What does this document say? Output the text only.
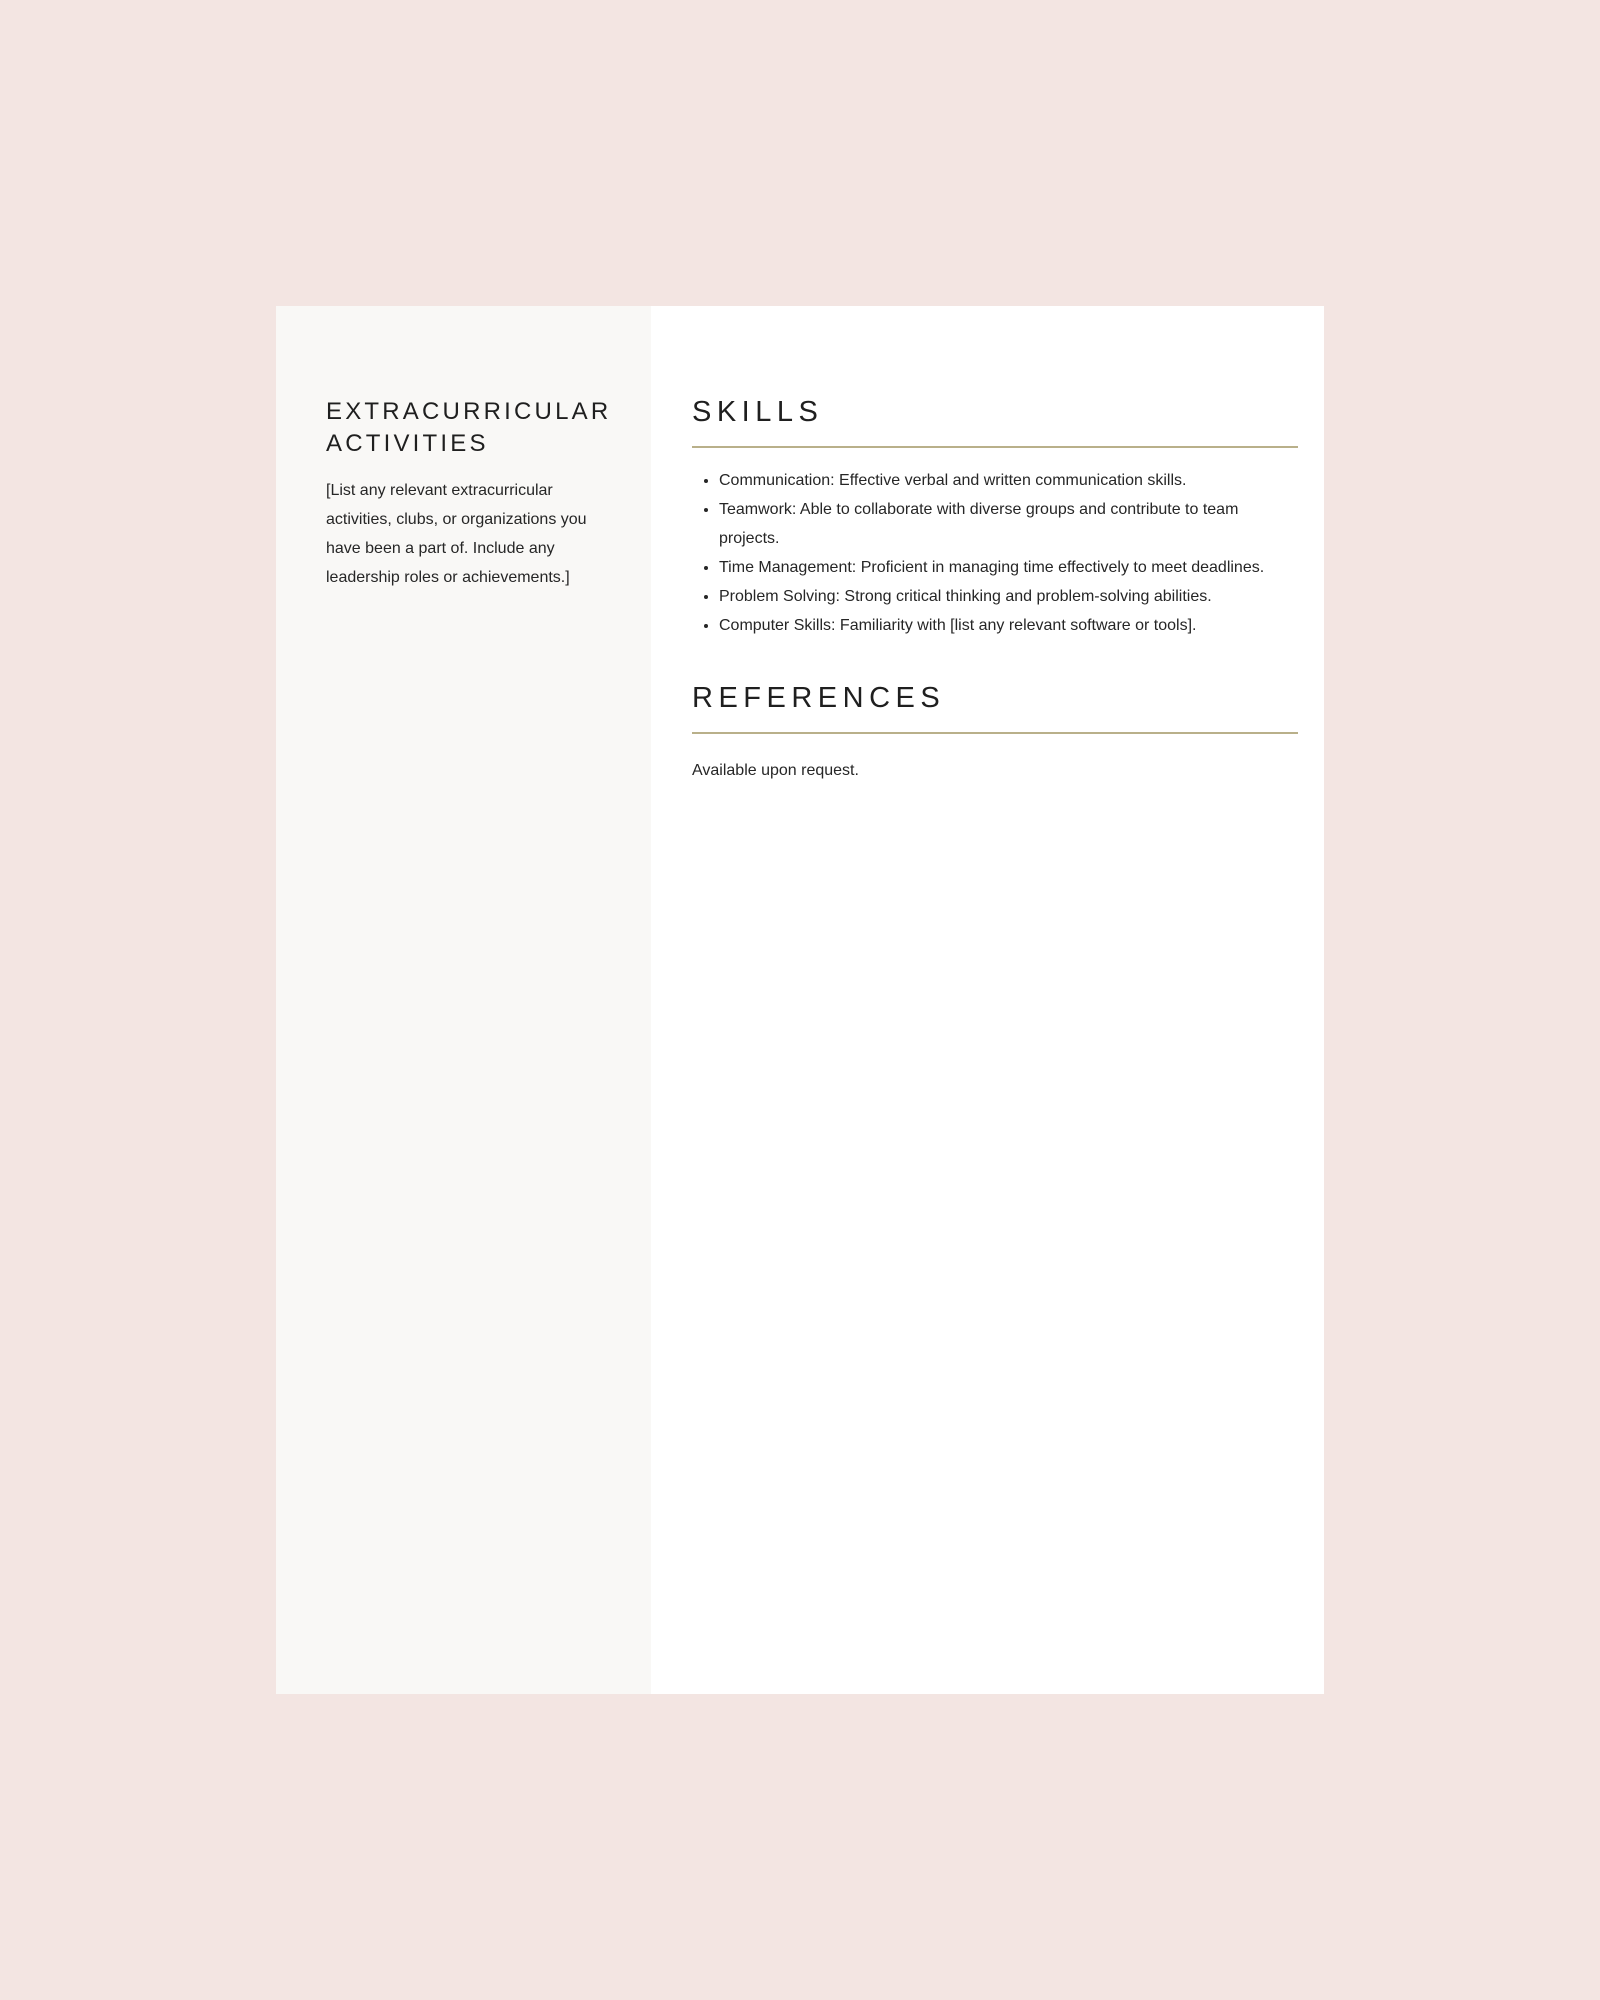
EXTRACURRICULAR
ACTIVITIES

[List any relevant extracurricular activities, clubs, or organizations you have been a part of. Include any leadership roles or achievements.]

SKILLS
• Communication: Effective verbal and written communication skills.
• Teamwork: Able to collaborate with diverse groups and contribute to team projects.
• Time Management: Proficient in managing time effectively to meet deadlines.
• Problem Solving: Strong critical thinking and problem-solving abilities.
• Computer Skills: Familiarity with [list any relevant software or tools].
REFERENCES

Available upon request.
